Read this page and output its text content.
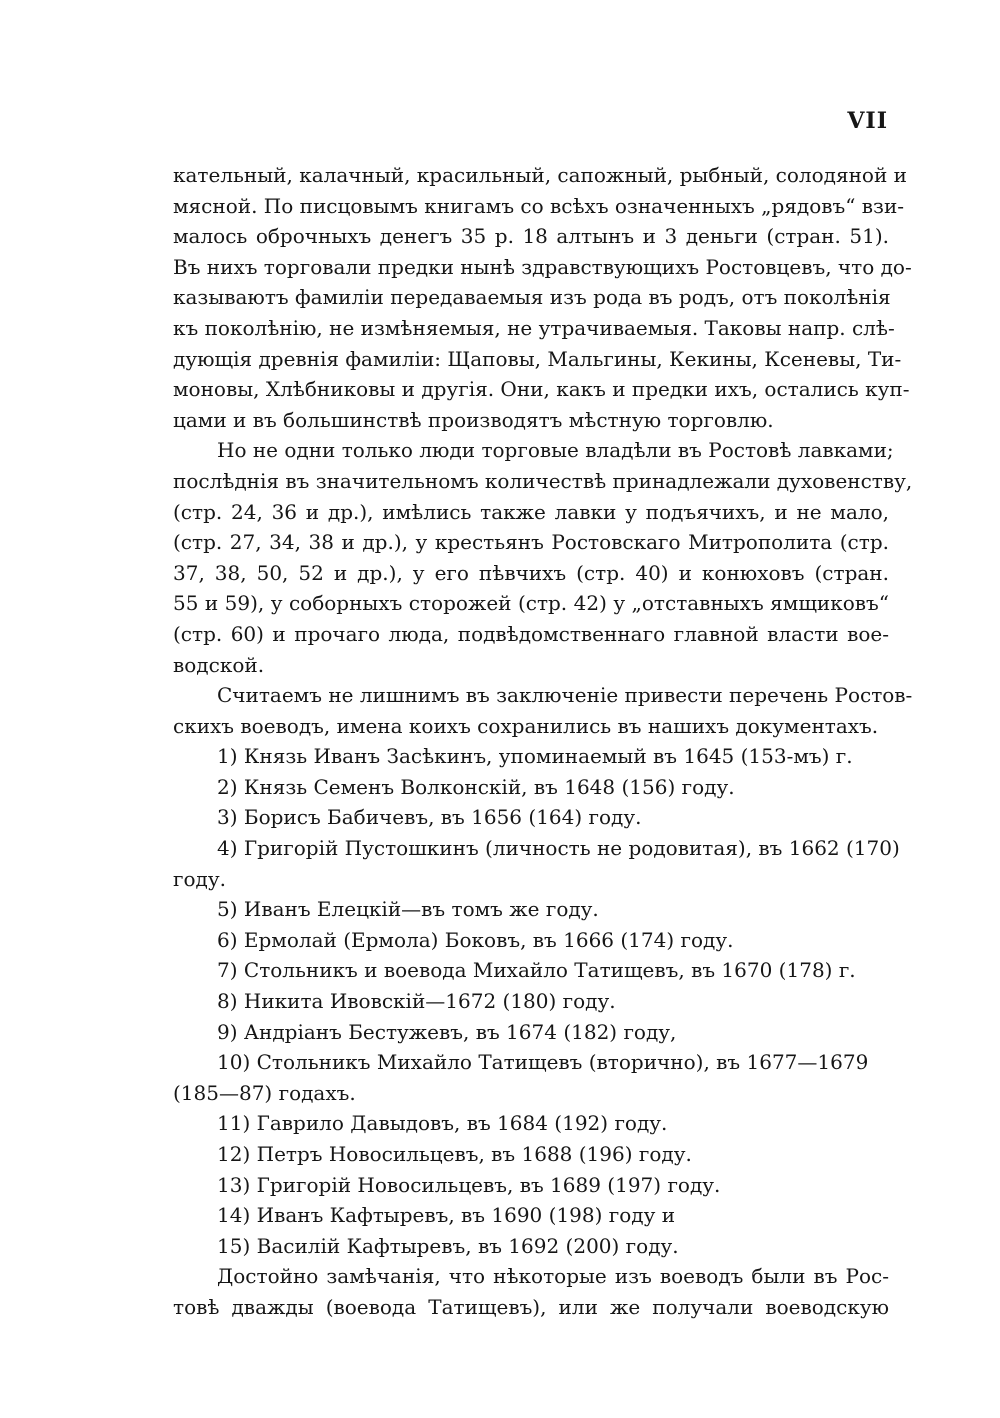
VII
кательный, калачный, красильный, сапожный, рыбный, солодяной и
мясной. По писцовымъ книгамъ со всѣхъ означенныхъ „рядовъ“ взи-
малось оброчныхъ денегъ 35 р. 18 алтынъ и 3 деньги (стран. 51).
Въ нихъ торговали предки нынѣ здравствующихъ Ростовцевъ, что до-
казываютъ фамиліи передаваемыя изъ рода въ родъ, отъ поколѣнія
къ поколѣнію, не измѣняемыя, не утрачиваемыя. Таковы напр. слѣ-
дующія древнія фамиліи: Щаповы, Мальгины, Кекины, Ксеневы, Ти-
моновы, Хлѣбниковы и другія. Они, какъ и предки ихъ, остались куп-
цами и въ большинствѣ производятъ мѣстную торговлю.
Но не одни только люди торговые владѣли въ Ростовѣ лавками;
послѣднія въ значительномъ количествѣ принадлежали духовенству,
(стр. 24, 36 и др.), имѣлись также лавки у подъячихъ, и не мало,
(стр. 27, 34, 38 и др.), у крестьянъ Ростовскаго Митрополита (стр.
37, 38, 50, 52 и др.), у его пѣвчихъ (стр. 40) и конюховъ (стран.
55 и 59), у соборныхъ сторожей (стр. 42) у „отставныхъ ямщиковъ“
(стр. 60) и прочаго люда, подвѣдомственнаго главной власти вое-
водской.
Считаемъ не лишнимъ въ заключеніе привести перечень Ростов-
скихъ воеводъ, имена коихъ сохранились въ нашихъ документахъ.
1) Князь Иванъ Засѣкинъ, упоминаемый въ 1645 (153-мъ) г.
2) Князь Семенъ Волконскій, въ 1648 (156) году.
3) Борисъ Бабичевъ, въ 1656 (164) году.
4) Григорій Пустошкинъ (личность не родовитая), въ 1662 (170)
году.
5) Иванъ Елецкій—въ томъ же году.
6) Ермолай (Ермола) Боковъ, въ 1666 (174) году.
7) Стольникъ и воевода Михайло Татищевъ, въ 1670 (178) г.
8) Никита Ивовскій—1672 (180) году.
9) Андріанъ Бестужевъ, въ 1674 (182) году,
10) Стольникъ Михайло Татищевъ (вторично), въ 1677—1679
(185—87) годахъ.
11) Гаврило Давыдовъ, въ 1684 (192) году.
12) Петръ Новосильцевъ, въ 1688 (196) году.
13) Григорій Новосильцевъ, въ 1689 (197) году.
14) Иванъ Кафтыревъ, въ 1690 (198) году и
15) Василій Кафтыревъ, въ 1692 (200) году.
Достойно замѣчанія, что нѣкоторые изъ воеводъ были въ Рос-
товѣ дважды (воевода Татищевъ), или же получали воеводскую
